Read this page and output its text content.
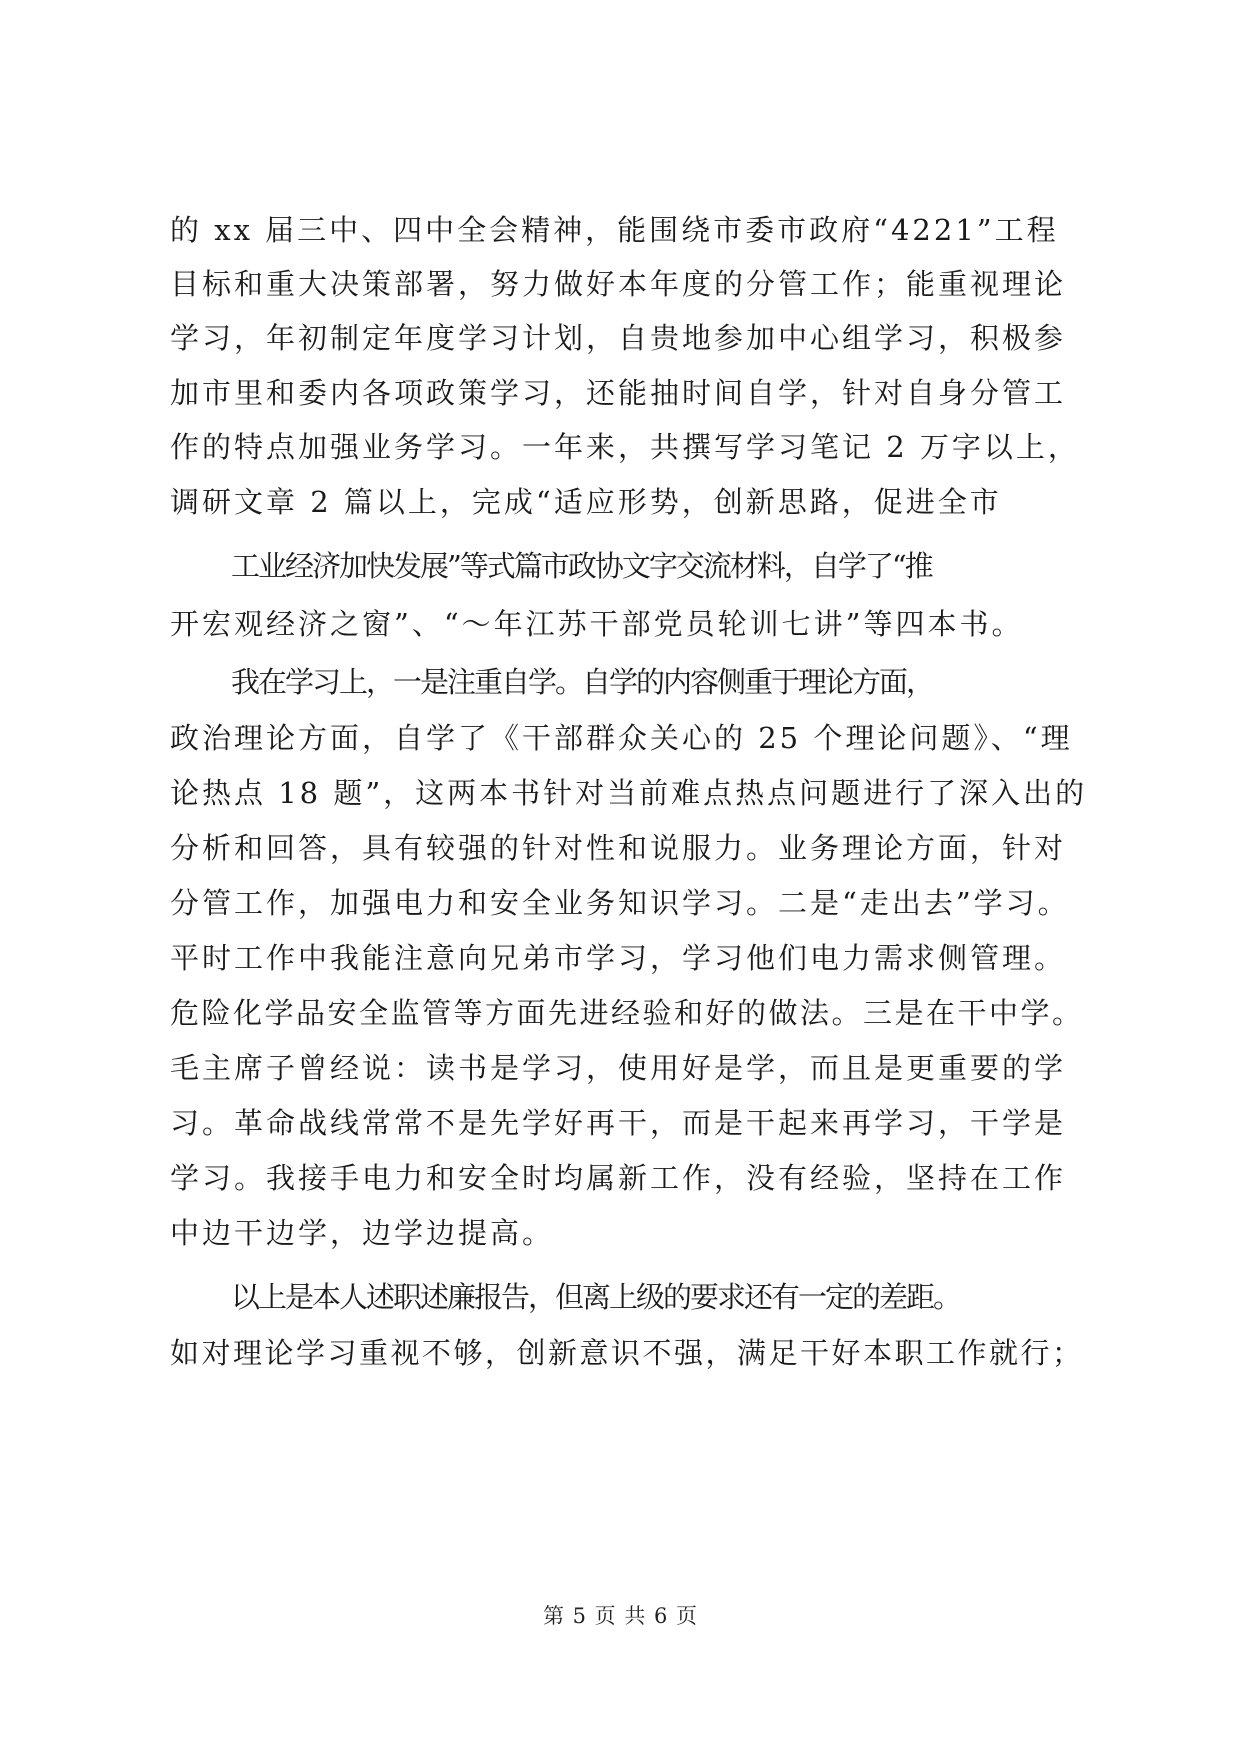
的 xx 届三中、四中全会精神，能围绕市委市政府“4221”工程
目标和重大决策部署，努力做好本年度的分管工作；能重视理论
学习，年初制定年度学习计划，自贵地参加中心组学习，积极参
加市里和委内各项政策学习，还能抽时间自学，针对自身分管工
作的特点加强业务学习。一年来，共撰写学习笔记 2 万字以上，
调研文章 2 篇以上，完成“适应形势，创新思路，促进全市
工业经济加快发展”等式篇市政协文字交流材料，自学了“推
开宏观经济之窗”、“～年江苏干部党员轮训七讲”等四本书。
我在学习上，一是注重自学。自学的内容侧重于理论方面，
政治理论方面，自学了《干部群众关心的 25 个理论问题》、“理
论热点 18 题”，这两本书针对当前难点热点问题进行了深入出的
分析和回答，具有较强的针对性和说服力。业务理论方面，针对
分管工作，加强电力和安全业务知识学习。二是“走出去”学习。
平时工作中我能注意向兄弟市学习，学习他们电力需求侧管理。
危险化学品安全监管等方面先进经验和好的做法。三是在干中学。
毛主席子曾经说：读书是学习，使用好是学，而且是更重要的学
习。革命战线常常不是先学好再干，而是干起来再学习，干学是
学习。我接手电力和安全时均属新工作，没有经验，坚持在工作
中边干边学，边学边提高。
以上是本人述职述廉报告，但离上级的要求还有一定的差距。
如对理论学习重视不够，创新意识不强，满足干好本职工作就行；
第 5 页 共 6 页
